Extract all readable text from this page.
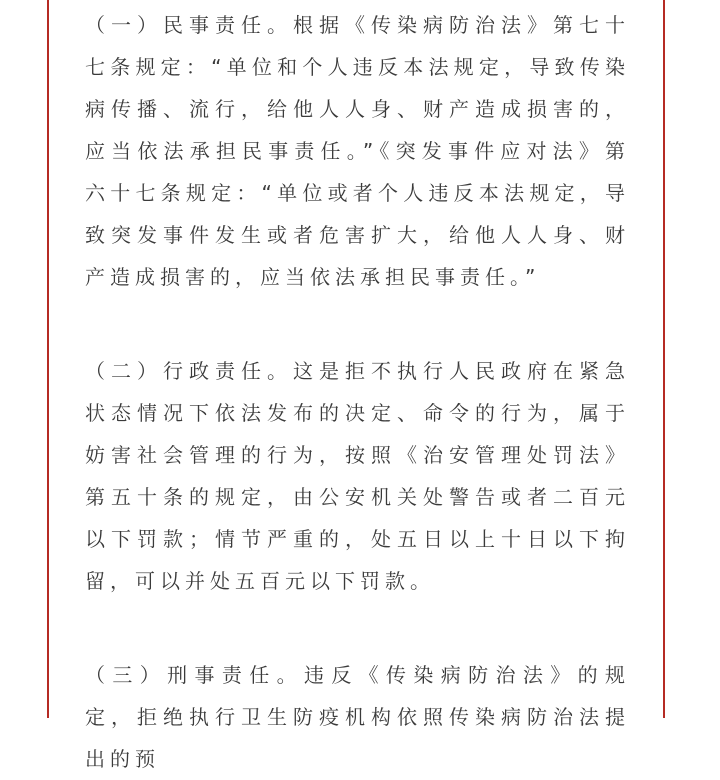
（一）民事责任。根据《传染病防治法》第七十七条规定：“单位和个人违反本法规定，导致传染病传播、流行，给他人人身、财产造成损害的，应当依法承担民事责任。”《突发事件应对法》第六十七条规定：“单位或者个人违反本法规定，导致突发事件发生或者危害扩大，给他人人身、财产造成损害的，应当依法承担民事责任。”

（二）行政责任。这是拒不执行人民政府在紧急状态情况下依法发布的决定、命令的行为，属于妨害社会管理的行为，按照《治安管理处罚法》第五十条的规定，由公安机关处警告或者二百元以下罚款；情节严重的，处五日以上十日以下拘留，可以并处五百元以下罚款。

（三）刑事责任。违反《传染病防治法》的规定，拒绝执行卫生防疫机构依照传染病防治法提出的预
